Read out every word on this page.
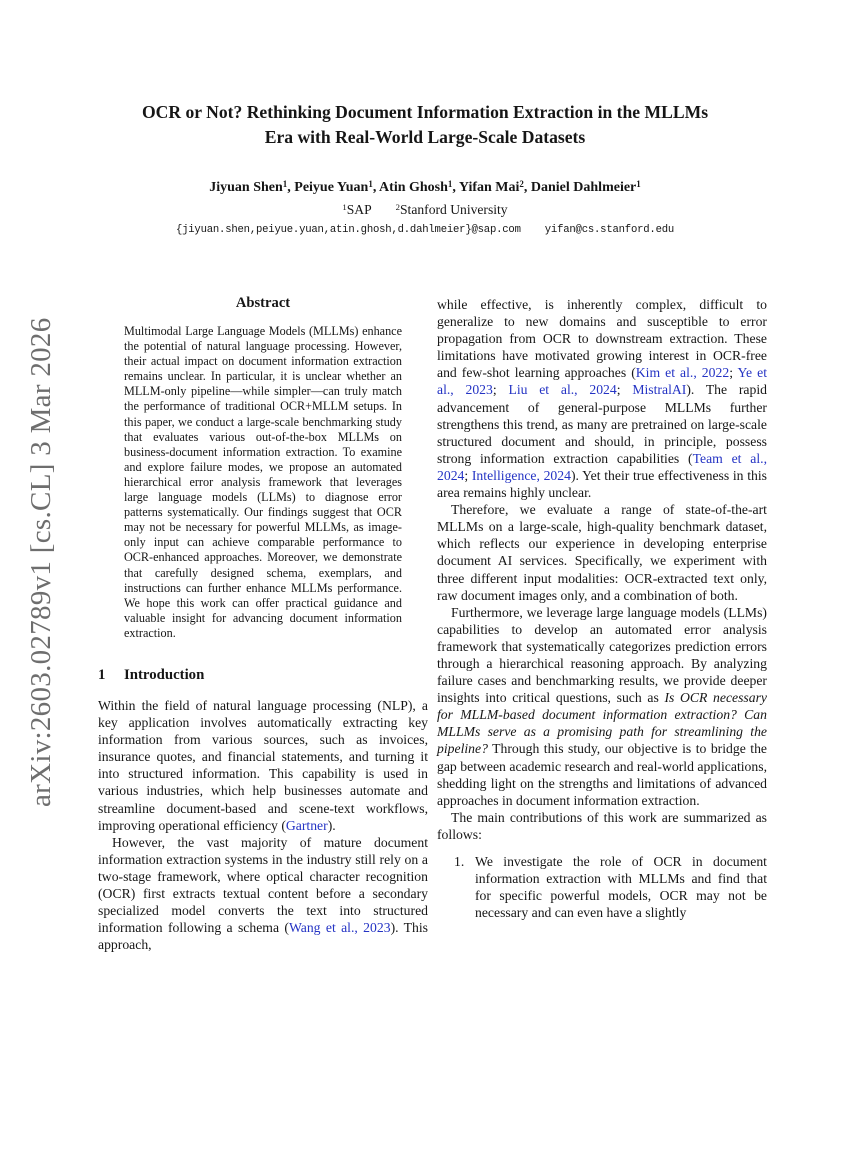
arXiv:2603.02789v1 [cs.CL] 3 Mar 2026
OCR or Not? Rethinking Document Information Extraction in the MLLMs
Era with Real-World Large-Scale Datasets
Jiyuan Shen$^1$, Peiyue Yuan$^1$, Atin Ghosh$^1$, Yifan Mai$^2$, Daniel Dahlmeier$^1$
$^1$SAP	$^2$Stanford University
{jiyuan.shen,peiyue.yuan,atin.ghosh,d.dahlmeier}@sap.com yifan@cs.stanford.edu
Abstract

Multimodal Large Language Models (MLLMs) enhance the potential of natural language processing. However, their actual impact on document information extraction remains unclear. In particular, it is unclear whether an MLLM-only pipeline—while simpler—can truly match the performance of traditional OCR+MLLM setups. In this paper, we conduct a large-scale benchmarking study that evaluates various out-of-the-box MLLMs on business-document information extraction. To examine and explore failure modes, we propose an automated hierarchical error analysis framework that leverages large language models (LLMs) to diagnose error patterns systematically. Our findings suggest that OCR may not be necessary for powerful MLLMs, as image-only input can achieve comparable performance to OCR-enhanced approaches. Moreover, we demonstrate that carefully designed schema, exemplars, and instructions can further enhance MLLMs performance. We hope this work can offer practical guidance and valuable insight for advancing document information extraction.

1 Introduction

Within the field of natural language processing (NLP), a key application involves automatically extracting key information from various sources, such as invoices, insurance quotes, and financial statements, and turning it into structured information. This capability is used in various industries, which help businesses automate and streamline document-based and scene-text workflows, improving operational efficiency (Gartner).

However, the vast majority of mature document information extraction systems in the industry still rely on a two-stage framework, where optical character recognition (OCR) first extracts textual content before a secondary specialized model converts the text into structured information following a schema (Wang et al., 2023). This approach,

while effective, is inherently complex, difficult to generalize to new domains and susceptible to error propagation from OCR to downstream extraction. These limitations have motivated growing interest in OCR-free and few-shot learning approaches (Kim et al., 2022; Ye et al., 2023; Liu et al., 2024; MistralAI). The rapid advancement of general-purpose MLLMs further strengthens this trend, as many are pretrained on large-scale structured document and should, in principle, possess strong information extraction capabilities (Team et al., 2024; Intelligence, 2024). Yet their true effectiveness in this area remains highly unclear.

Therefore, we evaluate a range of state-of-the-art MLLMs on a large-scale, high-quality benchmark dataset, which reflects our experience in developing enterprise document AI services. Specifically, we experiment with three different input modalities: OCR-extracted text only, raw document images only, and a combination of both.

Furthermore, we leverage large language models (LLMs) capabilities to develop an automated error analysis framework that systematically categorizes prediction errors through a hierarchical reasoning approach. By analyzing failure cases and benchmarking results, we provide deeper insights into critical questions, such as Is OCR necessary for MLLM-based document information extraction? Can MLLMs serve as a promising path for streamlining the pipeline? Through this study, our objective is to bridge the gap between academic research and real-world applications, shedding light on the strengths and limitations of advanced approaches in document information extraction.

The main contributions of this work are summarized as follows:

1. We investigate the role of OCR in document information extraction with MLLMs and find that for specific powerful models, OCR may not be necessary and can even have a slightly
